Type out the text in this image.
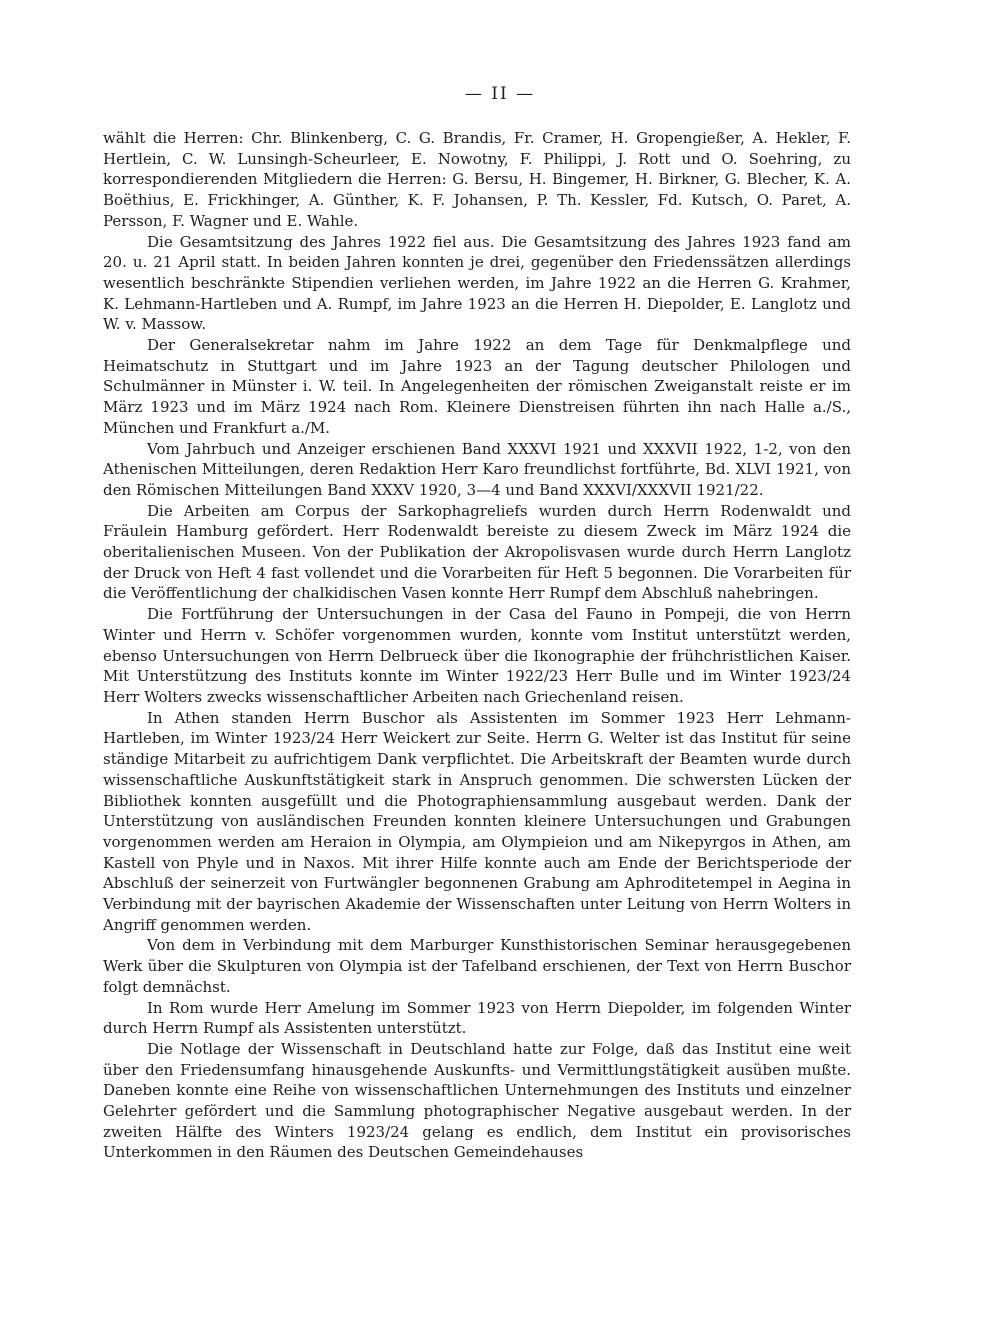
— II —

wählt die Herren: Chr. Blinkenberg, C. G. Brandis, Fr. Cramer, H. Gropengießer, A. Hekler, F. Hertlein, C. W. Lunsingh-Scheurleer, E. Nowotny, F. Philippi, J. Rott und O. Soehring, zu korrespondierenden Mitgliedern die Herren: G. Bersu, H. Bingemer, H. Birkner, G. Blecher, K. A. Boëthius, E. Frickhinger, A. Günther, K. F. Johansen, P. Th. Kessler, Fd. Kutsch, O. Paret, A. Persson, F. Wagner und E. Wahle.

Die Gesamtsitzung des Jahres 1922 fiel aus. Die Gesamtsitzung des Jahres 1923 fand am 20. u. 21 April statt. In beiden Jahren konnten je drei, gegenüber den Friedenssätzen allerdings wesentlich beschränkte Stipendien verliehen werden, im Jahre 1922 an die Herren G. Krahmer, K. Lehmann-Hartleben und A. Rumpf, im Jahre 1923 an die Herren H. Diepolder, E. Langlotz und W. v. Massow.

Der Generalsekretar nahm im Jahre 1922 an dem Tage für Denkmalpflege und Heimatschutz in Stuttgart und im Jahre 1923 an der Tagung deutscher Philologen und Schulmänner in Münster i. W. teil. In Angelegenheiten der römischen Zweiganstalt reiste er im März 1923 und im März 1924 nach Rom. Kleinere Dienstreisen führten ihn nach Halle a./S., München und Frankfurt a./M.

Vom Jahrbuch und Anzeiger erschienen Band XXXVI 1921 und XXXVII 1922, 1-2, von den Athenischen Mitteilungen, deren Redaktion Herr Karo freundlichst fortführte, Bd. XLVI 1921, von den Römischen Mitteilungen Band XXXV 1920, 3—4 und Band XXXVI/XXXVII 1921/22.

Die Arbeiten am Corpus der Sarkophagreliefs wurden durch Herrn Rodenwaldt und Fräulein Hamburg gefördert. Herr Rodenwaldt bereiste zu diesem Zweck im März 1924 die oberitalienischen Museen. Von der Publikation der Akropolisvasen wurde durch Herrn Langlotz der Druck von Heft 4 fast vollendet und die Vorarbeiten für Heft 5 begonnen. Die Vorarbeiten für die Veröffentlichung der chalkidischen Vasen konnte Herr Rumpf dem Abschluß nahebringen.

Die Fortführung der Untersuchungen in der Casa del Fauno in Pompeji, die von Herrn Winter und Herrn v. Schöfer vorgenommen wurden, konnte vom Institut unterstützt werden, ebenso Untersuchungen von Herrn Delbrueck über die Ikonographie der frühchristlichen Kaiser. Mit Unterstützung des Instituts konnte im Winter 1922/23 Herr Bulle und im Winter 1923/24 Herr Wolters zwecks wissenschaftlicher Arbeiten nach Griechenland reisen.

In Athen standen Herrn Buschor als Assistenten im Sommer 1923 Herr Lehmann-Hartleben, im Winter 1923/24 Herr Weickert zur Seite. Herrn G. Welter ist das Institut für seine ständige Mitarbeit zu aufrichtigem Dank verpflichtet. Die Arbeitskraft der Beamten wurde durch wissenschaftliche Auskunftstätigkeit stark in Anspruch genommen. Die schwersten Lücken der Bibliothek konnten ausgefüllt und die Photographiensammlung ausgebaut werden. Dank der Unterstützung von ausländischen Freunden konnten kleinere Untersuchungen und Grabungen vorgenommen werden am Heraion in Olympia, am Olympieion und am Nikepyrgos in Athen, am Kastell von Phyle und in Naxos. Mit ihrer Hilfe konnte auch am Ende der Berichtsperiode der Abschluß der seinerzeit von Furtwängler begonnenen Grabung am Aphroditetempel in Aegina in Verbindung mit der bayrischen Akademie der Wissenschaften unter Leitung von Herrn Wolters in Angriff genommen werden.

Von dem in Verbindung mit dem Marburger Kunsthistorischen Seminar herausgegebenen Werk über die Skulpturen von Olympia ist der Tafelband erschienen, der Text von Herrn Buschor folgt demnächst.

In Rom wurde Herr Amelung im Sommer 1923 von Herrn Diepolder, im folgenden Winter durch Herrn Rumpf als Assistenten unterstützt.

Die Notlage der Wissenschaft in Deutschland hatte zur Folge, daß das Institut eine weit über den Friedensumfang hinausgehende Auskunfts- und Vermittlungstätigkeit ausüben mußte. Daneben konnte eine Reihe von wissenschaftlichen Unternehmungen des Instituts und einzelner Gelehrter gefördert und die Sammlung photographischer Negative ausgebaut werden. In der zweiten Hälfte des Winters 1923/24 gelang es endlich, dem Institut ein provisorisches Unterkommen in den Räumen des Deutschen Gemeindehauses
